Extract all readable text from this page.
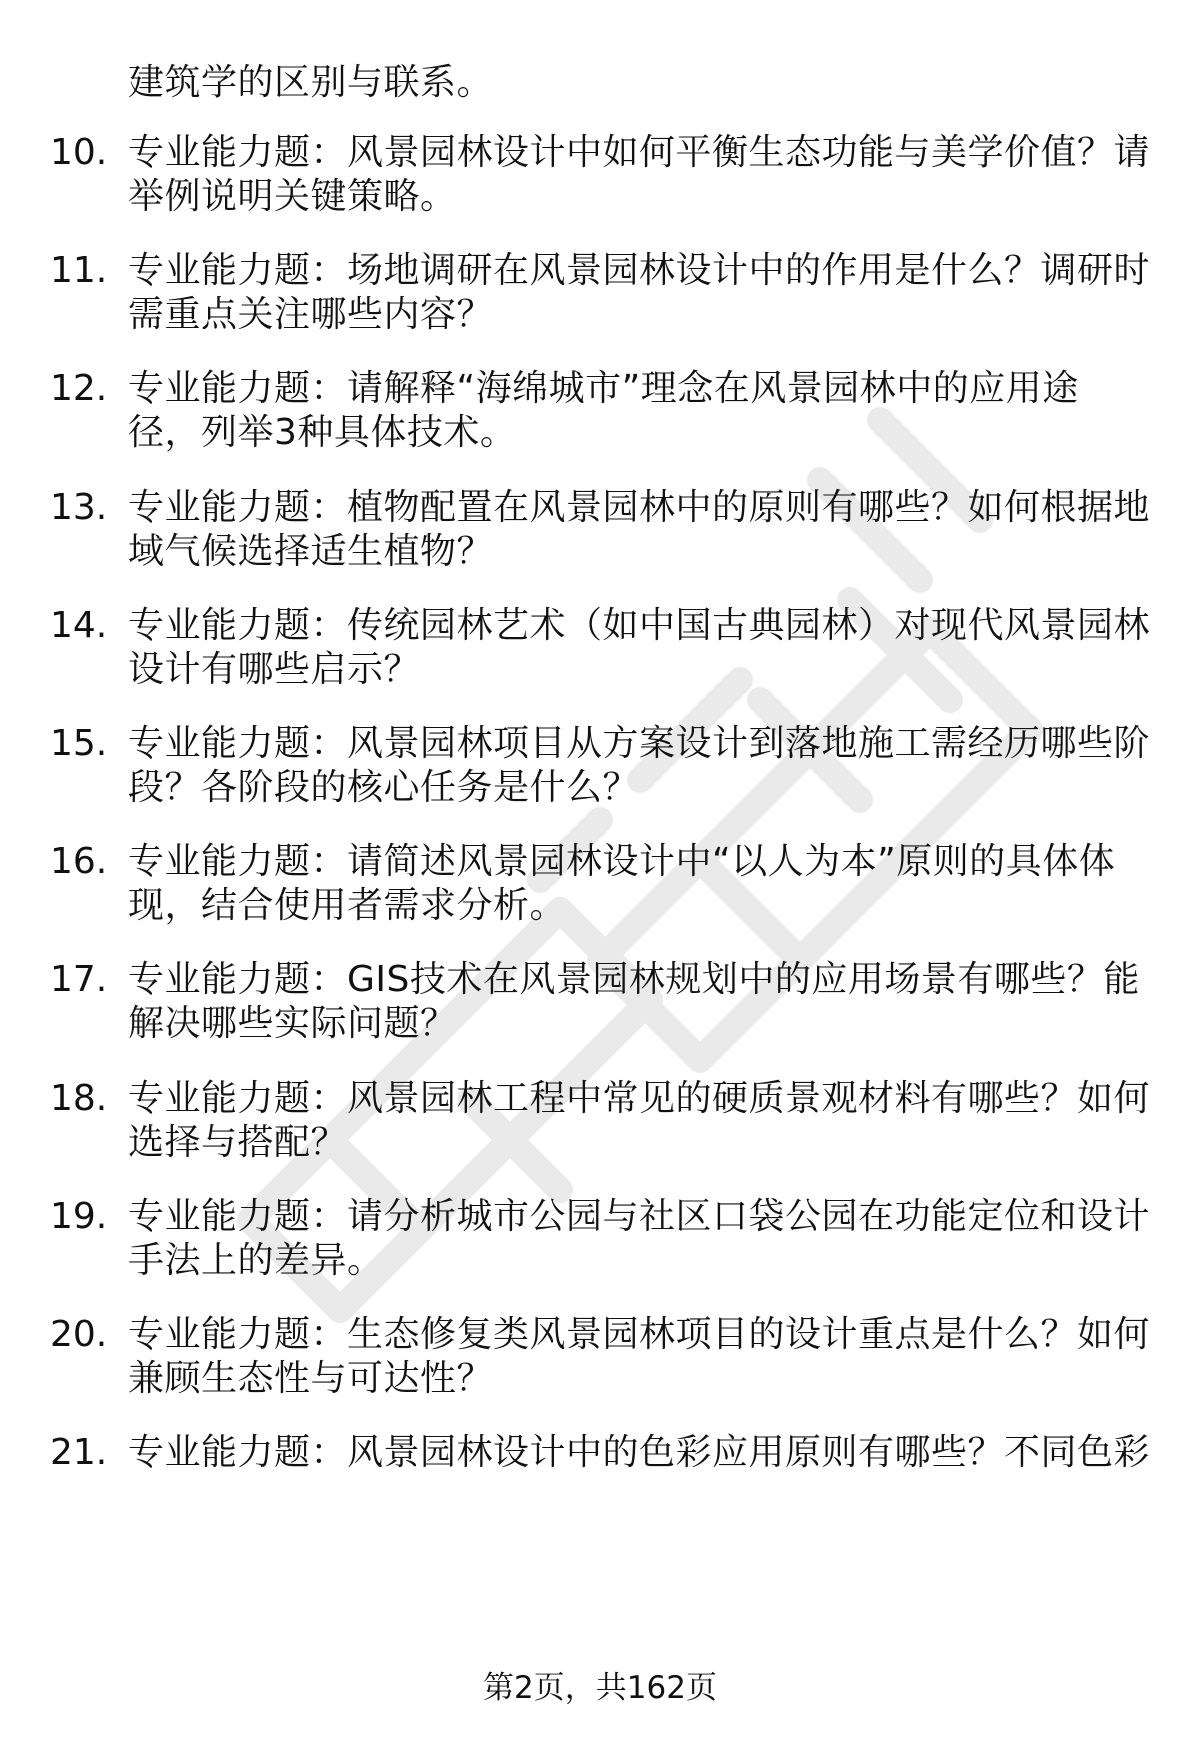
建筑学的区别与联系。
10. 专业能力题：风景园林设计中如何平衡生态功能与美学价值？请
举例说明关键策略。
11. 专业能力题：场地调研在风景园林设计中的作用是什么？调研时
需重点关注哪些内容？
12. 专业能力题：请解释“海绵城市”理念在风景园林中的应用途
径，列举3种具体技术。
13. 专业能力题：植物配置在风景园林中的原则有哪些？如何根据地
域气候选择适生植物？
14. 专业能力题：传统园林艺术（如中国古典园林）对现代风景园林
设计有哪些启示？
15. 专业能力题：风景园林项目从方案设计到落地施工需经历哪些阶
段？各阶段的核心任务是什么？
16. 专业能力题：请简述风景园林设计中“以人为本”原则的具体体
现，结合使用者需求分析。
17. 专业能力题：GIS技术在风景园林规划中的应用场景有哪些？能
解决哪些实际问题？
18. 专业能力题：风景园林工程中常见的硬质景观材料有哪些？如何
选择与搭配？
19. 专业能力题：请分析城市公园与社区口袋公园在功能定位和设计
手法上的差异。
20. 专业能力题：生态修复类风景园林项目的设计重点是什么？如何
兼顾生态性与可达性？
21. 专业能力题：风景园林设计中的色彩应用原则有哪些？不同色彩
第2页，共162页
